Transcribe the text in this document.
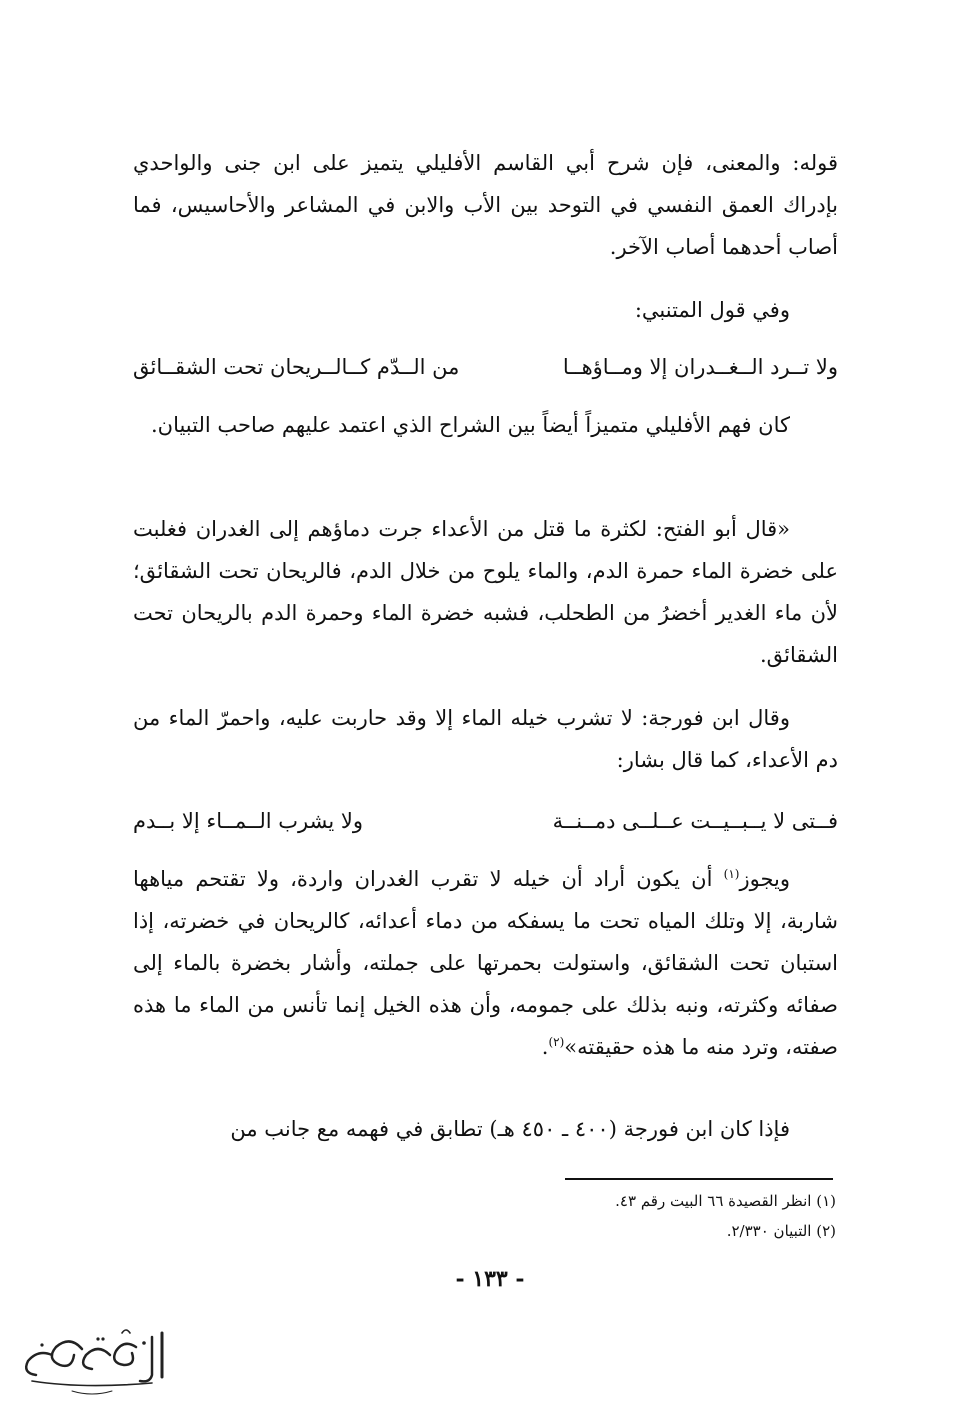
قوله: والمعنى، فإن شرح أبي القاسم الأفليلي يتميز على ابن جنى والواحدي بإدراك العمق النفسي في التوحد بين الأب والابن في المشاعر والأحاسيس، فما أصاب أحدهما أصاب الآخر.

وفي قول المتنبي:

ولا تــرد الــغــدران إلا ومــاؤهــا
من الــدّم كــالــريحان تحت الشقــائق

كان فهم الأفليلي متميزاً أيضاً بين الشراح الذي اعتمد عليهم صاحب التبيان.

«قال أبو الفتح: لكثرة ما قتل من الأعداء جرت دماؤهم إلى الغدران فغلبت على خضرة الماء حمرة الدم، والماء يلوح من خلال الدم، فالريحان تحت الشقائق؛ لأن ماء الغدير أخضرُ من الطحلب، فشبه خضرة الماء وحمرة الدم بالريحان تحت الشقائق.

وقال ابن فورجة: لا تشرب خيله الماء إلا وقد حاربت عليه، واحمرّ الماء من دم الأعداء، كما قال بشار:

فــتى لا يــبــيــت عــلــى دمــنــة
ولا يشرب الــمــاء إلا بــدم

ويجوز$^{(١)}$ أن يكون أراد أن خيله لا تقرب الغدران واردة، ولا تقتحم مياهها شاربة، إلا وتلك المياه تحت ما يسفكه من دماء أعدائه، كالريحان في خضرته، إذا استبان تحت الشقائق، واستولت بحمرتها على جملته، وأشار بخضرة بالماء إلى صفائه وكثرته، ونبه بذلك على جمومه، وأن هذه الخيل إنما تأنس من الماء ما هذه صفته، وترد منه ما هذه حقيقته»$^{(٢)}$.

فإذا كان ابن فورجة (٤٠٠ ـ ٤٥٠ هـ) تطابق في فهمه مع جانب من

(١) انظر القصيدة ٦٦ البيت رقم ٤٣.

(٢) التبيان ٢/٣٣٠.

- ١٣٣ -
